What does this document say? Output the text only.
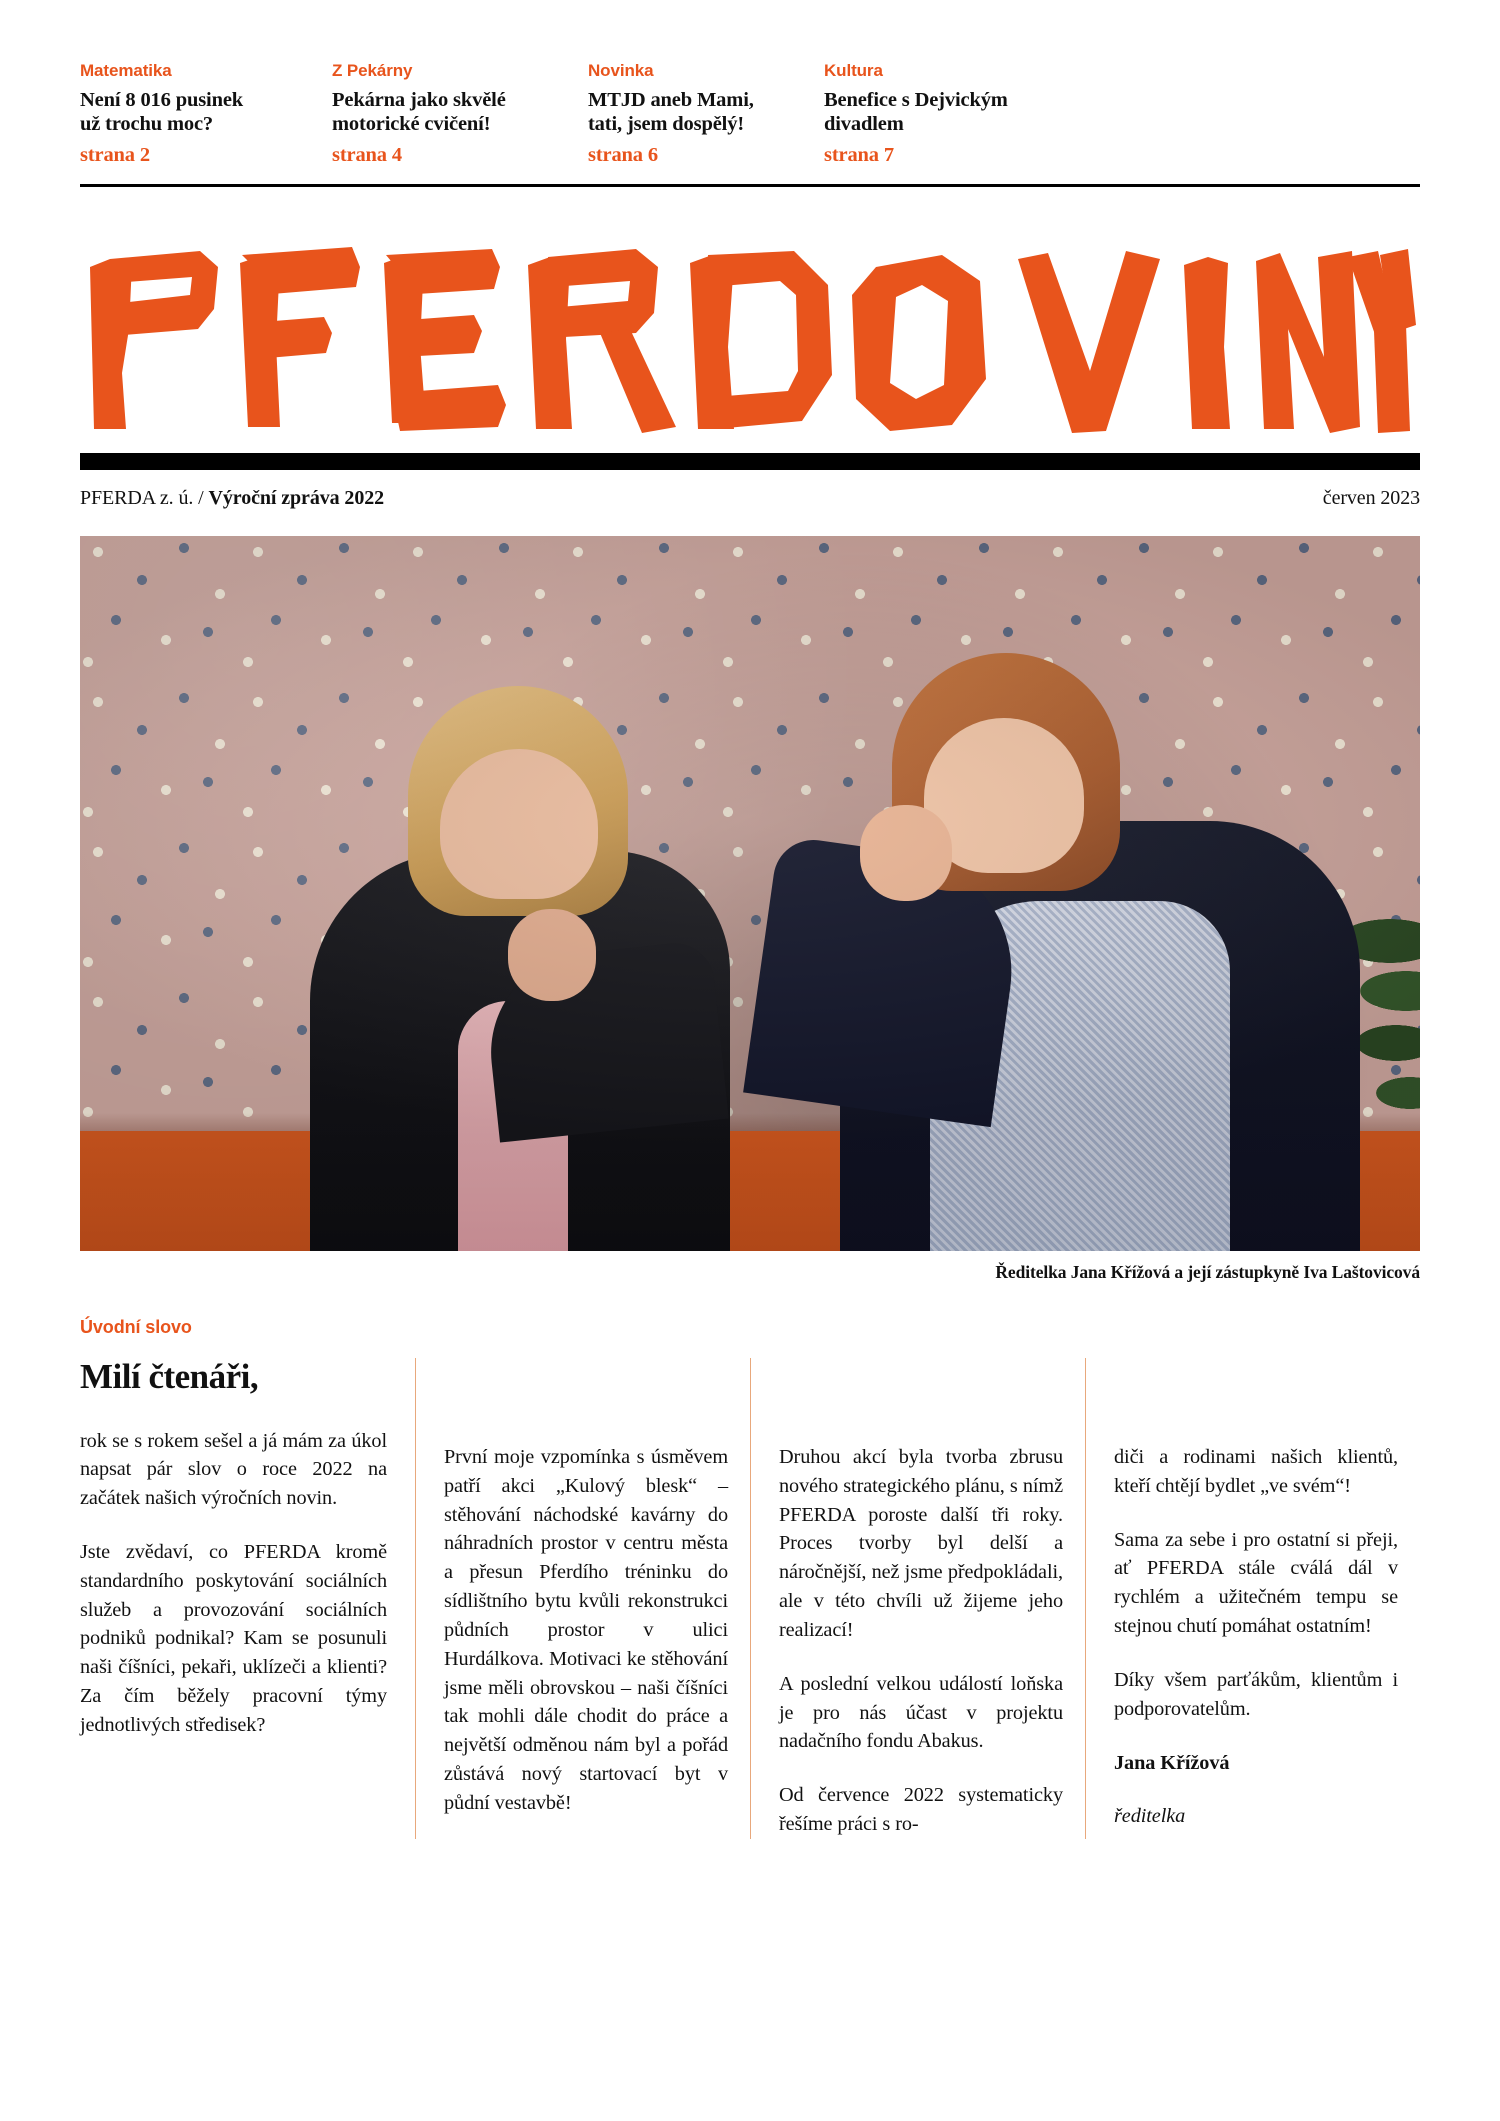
Matematika
Není 8 016 pusinek
už trochu moc?
strana 2
Z Pekárny
Pekárna jako skvělé
motorické cvičení!
strana 4
Novinka
MTJD aneb Mami,
tati, jsem dospělý!
strana 6
Kultura
Benefice s Dejvickým
divadlem
strana 7
PFERDA z. ú. / Výroční zpráva 2022	červen 2023
Ředitelka Jana Křížová a její zástupkyně Iva Laštovicová
Úvodní slovo
Milí čtenáři,

rok se s rokem sešel a já mám za úkol napsat pár slov o roce 2022 na začátek našich výročních novin.

Jste zvědaví, co PFERDA kromě standardního poskytování sociálních služeb a provozování sociálních podniků podnikal? Kam se posunuli naši číšníci, pekaři, uklízeči a klienti? Za čím běžely pracovní týmy jednotlivých středisek?

První moje vzpomínka s úsměvem patří akci „Kulový blesk“ – stěhování náchodské kavárny do náhradních prostor v centru města a přesun Pferdího tréninku do sídlištního bytu kvůli rekonstrukci půdních prostor v ulici Hurdálkova. Motivaci ke stěhování jsme měli obrovskou – naši číšníci tak mohli dále chodit do práce a největší odměnou nám byl a pořád zůstává nový startovací byt v půdní vestavbě!

Druhou akcí byla tvorba zbrusu nového strategického plánu, s nímž PFERDA poroste další tři roky. Proces tvorby byl delší a náročnější, než jsme předpokládali, ale v této chvíli už žijeme jeho realizací!

A poslední velkou událostí loňska je pro nás účast v projektu nadačního fondu Abakus.

Od července 2022 systematicky řešíme práci s ro-

diči a rodinami našich klientů, kteří chtějí bydlet „ve svém“!

Sama za sebe i pro ostatní si přeji, ať PFERDA stále cválá dál v rychlém a užitečném tempu se stejnou chutí pomáhat ostatním!

Díky všem parťákům, klientům i podporovatelům.

Jana Křížová

ředitelka
